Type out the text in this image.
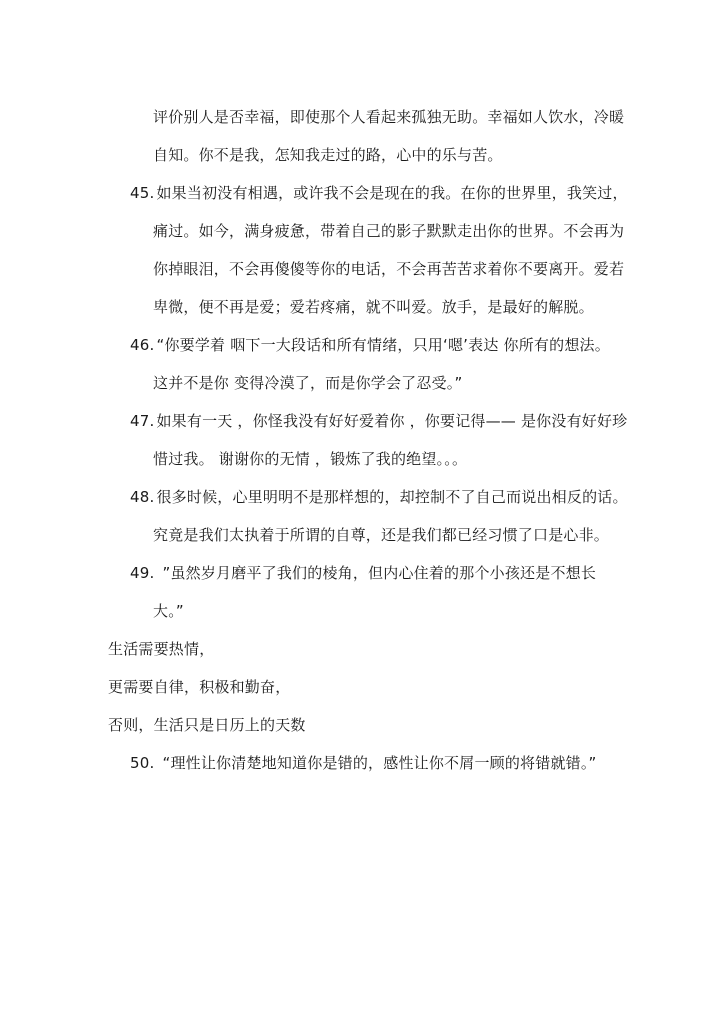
评价别人是否幸福，即使那个人看起来孤独无助。幸福如人饮水，冷暖
自知。你不是我，怎知我走过的路，心中的乐与苦。
45. 如果当初没有相遇，或许我不会是现在的我。在你的世界里，我笑过，
痛过。如今，满身疲惫，带着自己的影子默默走出你的世界。不会再为
你掉眼泪，不会再傻傻等你的电话，不会再苦苦求着你不要离开。爱若
卑微，便不再是爱；爱若疼痛，就不叫爱。放手，是最好的解脱。
46. “你要学着 咽下一大段话和所有情绪，只用‘嗯’表达 你所有的想法。
这并不是你 变得冷漠了，而是你学会了忍受。”
47. 如果有一天 ，你怪我没有好好爱着你 ，你要记得—— 是你没有好好珍
惜过我。 谢谢你的无情 ，锻炼了我的绝望。。。
48. 很多时候，心里明明不是那样想的，却控制不了自己而说出相反的话。
究竟是我们太执着于所谓的自尊，还是我们都已经习惯了口是心非。
49. ”虽然岁月磨平了我们的棱角，但内心住着的那个小孩还是不想长
大。”
生活需要热情，
更需要自律，积极和勤奋，
否则，生活只是日历上的天数
50. “理性让你清楚地知道你是错的，感性让你不屑一顾的将错就错。”
